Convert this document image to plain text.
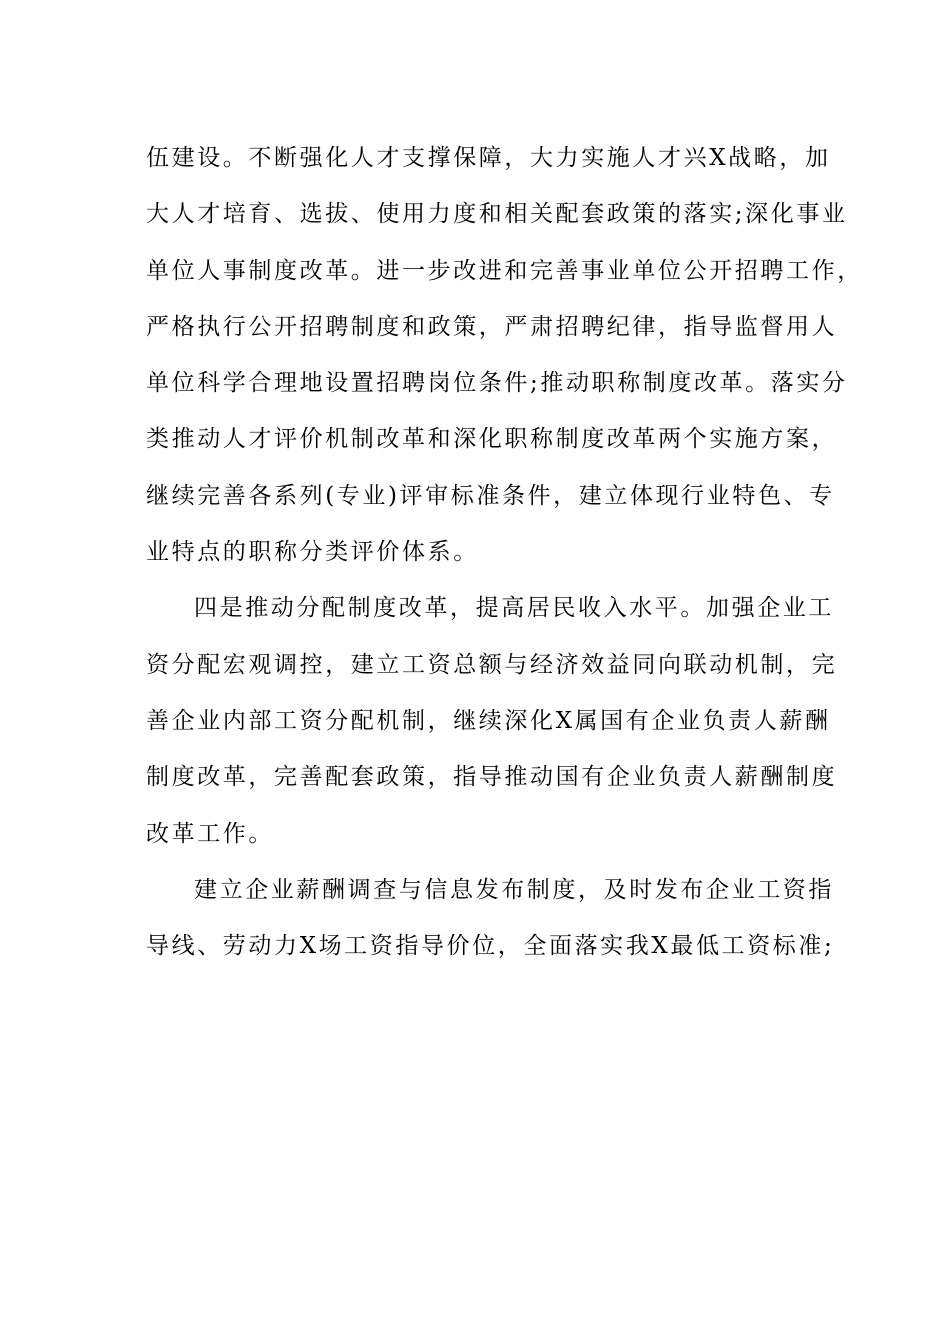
伍建设。不断强化人才支撑保障，大力实施人才兴X战略，加
大人才培育、选拔、使用力度和相关配套政策的落实;深化事业
单位人事制度改革。进一步改进和完善事业单位公开招聘工作，
严格执行公开招聘制度和政策，严肃招聘纪律，指导监督用人
单位科学合理地设置招聘岗位条件;推动职称制度改革。落实分
类推动人才评价机制改革和深化职称制度改革两个实施方案，
继续完善各系列(专业)评审标准条件，建立体现行业特色、专
业特点的职称分类评价体系。
四是推动分配制度改革，提高居民收入水平。加强企业工
资分配宏观调控，建立工资总额与经济效益同向联动机制，完
善企业内部工资分配机制，继续深化X属国有企业负责人薪酬
制度改革，完善配套政策，指导推动国有企业负责人薪酬制度
改革工作。
建立企业薪酬调查与信息发布制度，及时发布企业工资指
导线、劳动力X场工资指导价位，全面落实我X最低工资标准;
